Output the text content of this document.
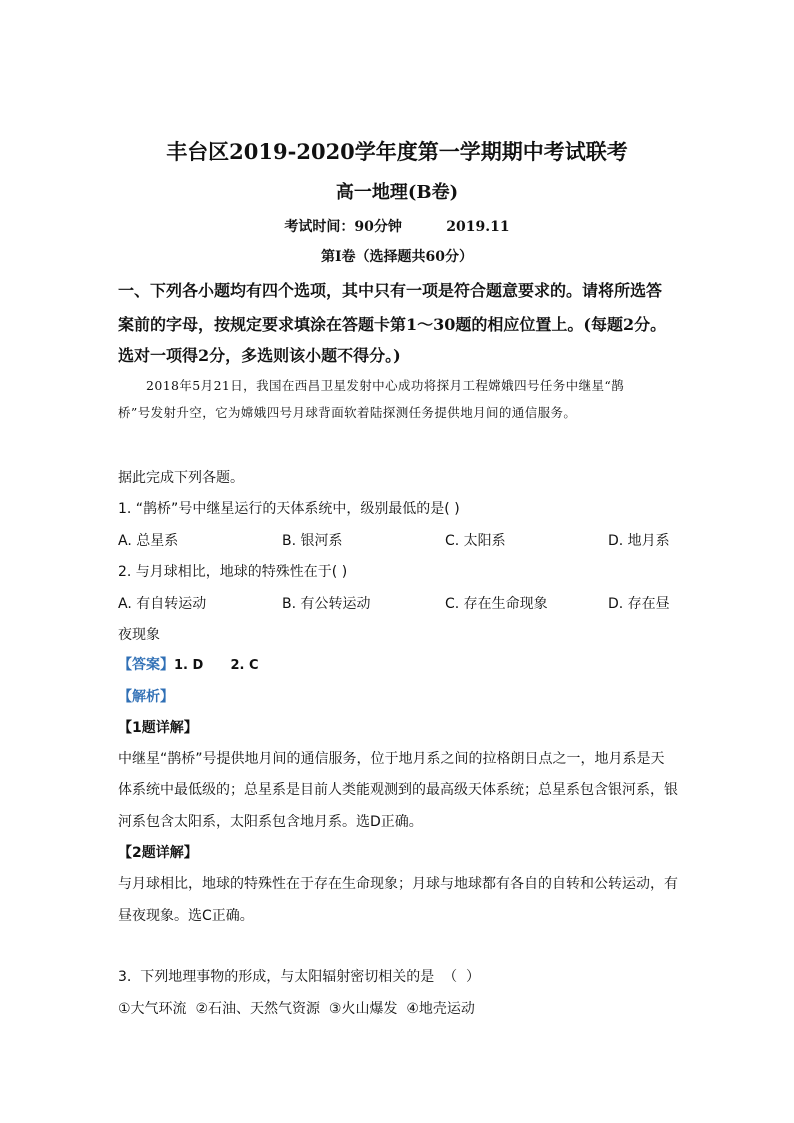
丰台区2019-2020学年度第一学期期中考试联考
高一地理(B卷)
考试时间：90分钟	2019.11
第Ⅰ卷（选择题共60分）
一、下列各小题均有四个选项，其中只有一项是符合题意要求的。请将所选答
案前的字母，按规定要求填涂在答题卡第1～30题的相应位置上。(每题2分。
选对一项得2分，多选则该小题不得分。)
2018年5月21日，我国在西昌卫星发射中心成功将探月工程嫦娥四号任务中继星“鹊
桥”号发射升空，它为嫦娥四号月球背面软着陆探测任务提供地月间的通信服务。
据此完成下列各题。
1. “鹊桥”号中继星运行的天体系统中，级别最低的是( )
A. 总星系	B. 银河系	C. 太阳系	D. 地月系
2. 与月球相比，地球的特殊性在于( )
A. 有自转运动	B. 有公转运动	C. 存在生命现象	D. 存在昼
夜现象
【答案】1. D      2. C
【解析】
【1题详解】
中继星“鹊桥”号提供地月间的通信服务，位于地月系之间的拉格朗日点之一，地月系是天
体系统中最低级的；总星系是目前人类能观测到的最高级天体系统；总星系包含银河系，银
河系包含太阳系，太阳系包含地月系。选D正确。
【2题详解】
与月球相比，地球的特殊性在于存在生命现象；月球与地球都有各自的自转和公转运动，有
昼夜现象。选C正确。
3.  下列地理事物的形成，与太阳辐射密切相关的是  （  ）
①大气环流  ②石油、天然气资源  ③火山爆发  ④地壳运动
